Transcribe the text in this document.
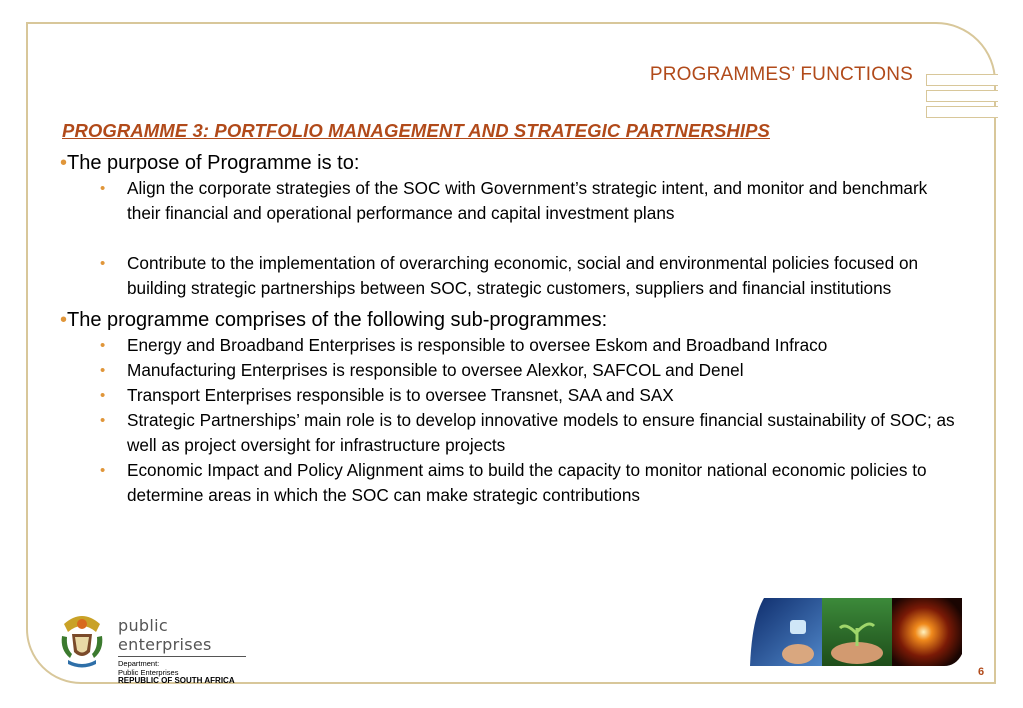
PROGRAMMES’ FUNCTIONS
PROGRAMME 3: PORTFOLIO MANAGEMENT AND STRATEGIC PARTNERSHIPS

•The purpose of Programme is to:

• Align the corporate strategies of the SOC with Government’s strategic intent, and monitor and benchmark their financial and operational performance and capital investment plans

• Contribute to the implementation of overarching economic, social and environmental policies focused on building strategic partnerships between SOC, strategic customers, suppliers and financial institutions

•The programme comprises of the following sub-programmes:

• Energy and Broadband Enterprises is responsible to oversee Eskom and Broadband Infraco

• Manufacturing Enterprises is responsible to oversee Alexkor, SAFCOL and Denel

• Transport Enterprises responsible is to oversee Transnet, SAA and SAX

• Strategic Partnerships’ main role is to develop innovative models to ensure financial sustainability of SOC; as well as project oversight for infrastructure projects

• Economic Impact and Policy Alignment aims to build the capacity to monitor national economic policies to determine areas in which the SOC can make strategic contributions

public enterprises
Department:
Public Enterprises
REPUBLIC OF SOUTH AFRICA
6
